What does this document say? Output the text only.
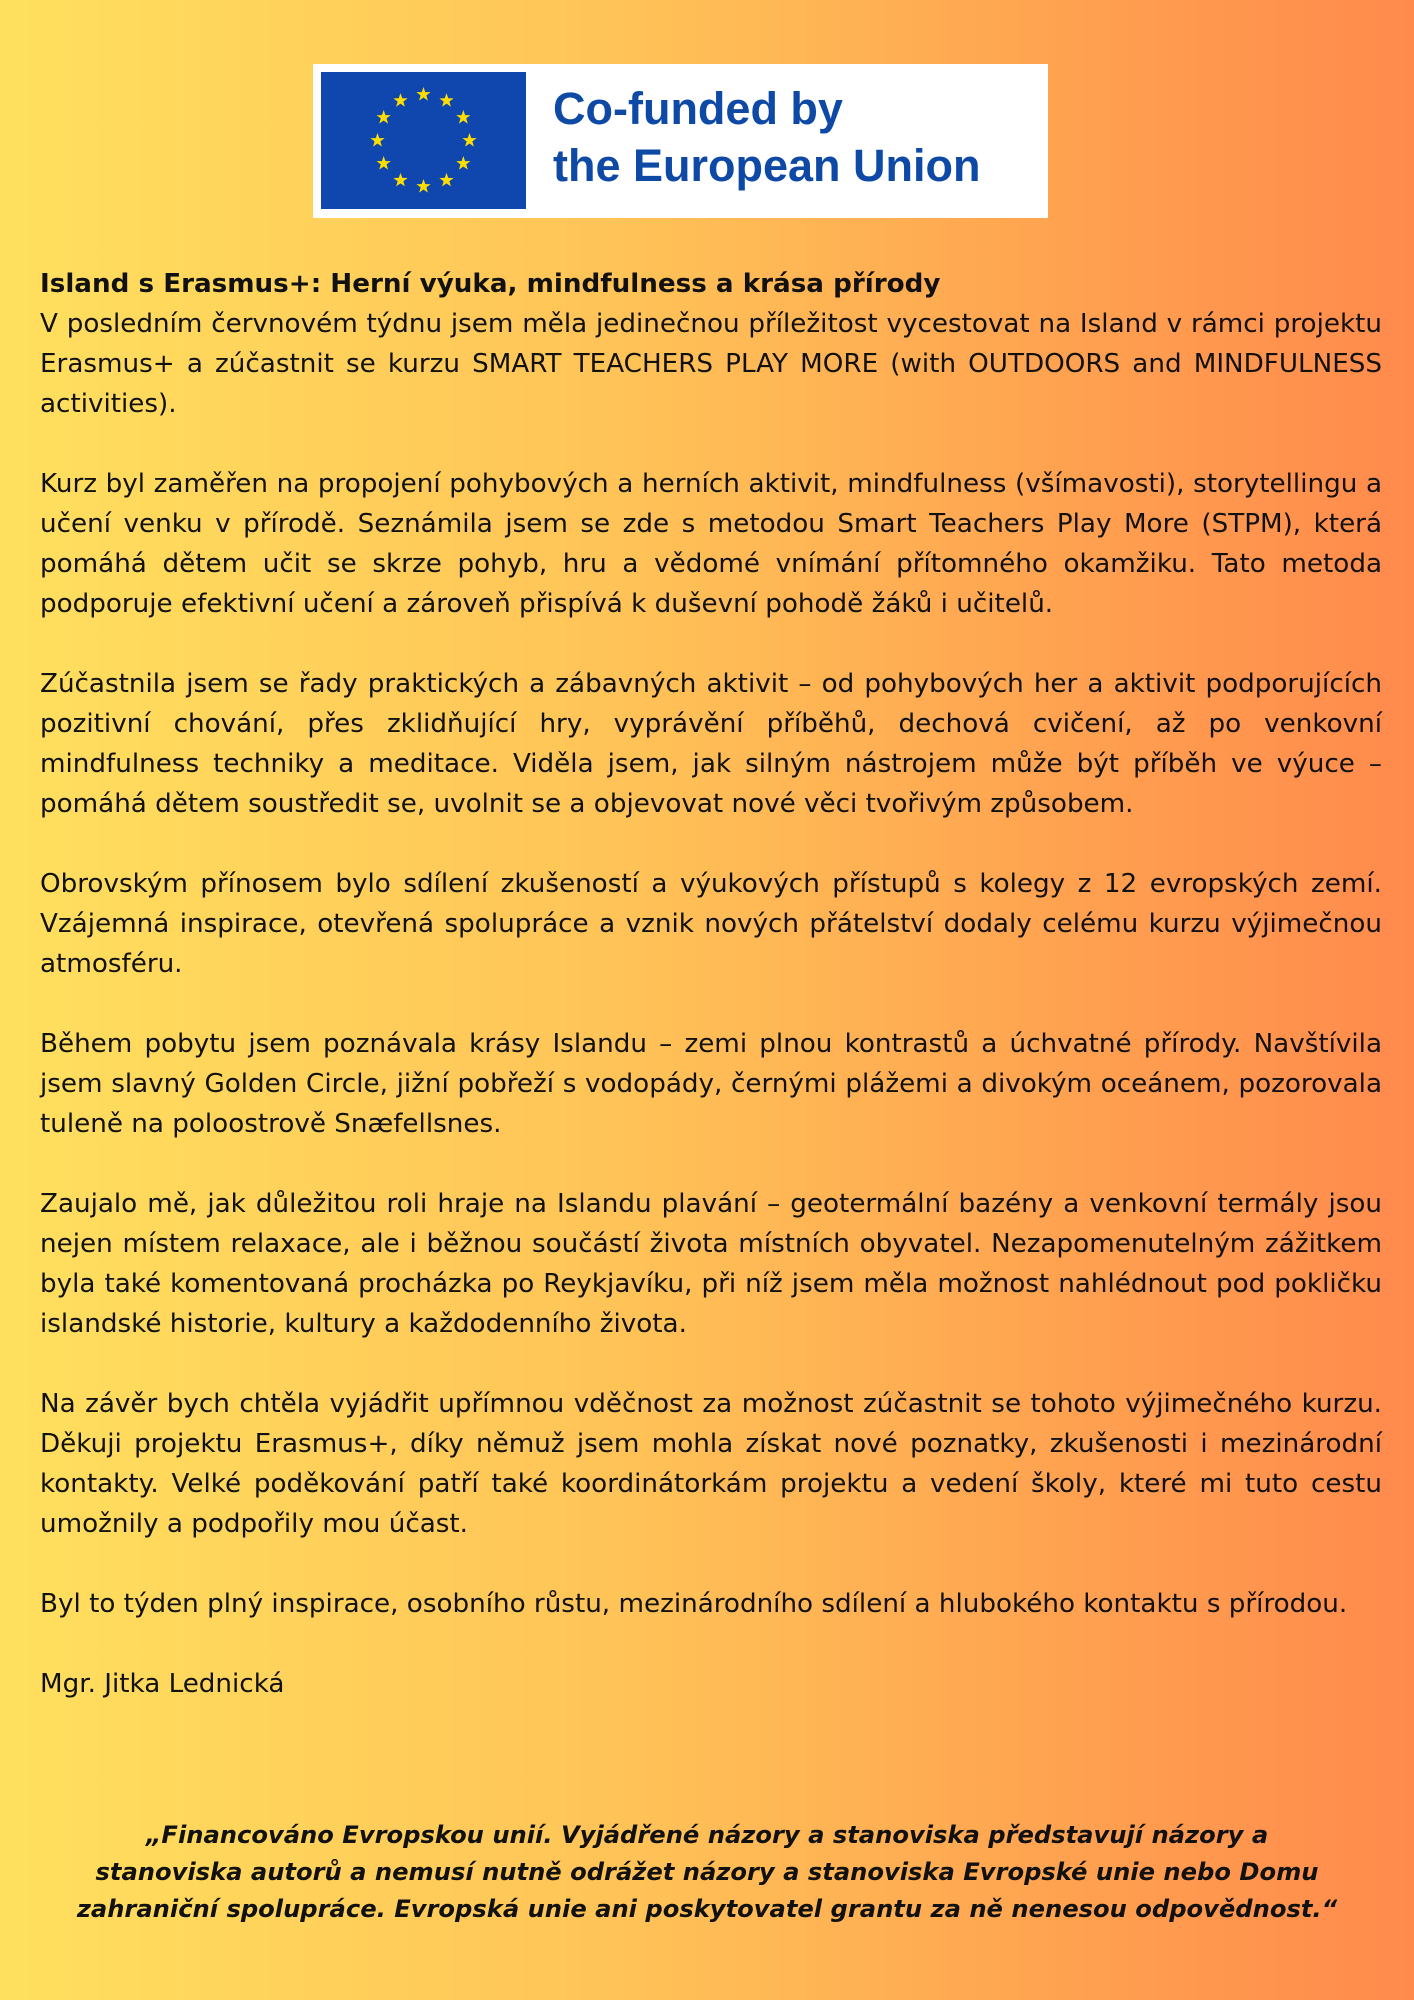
Co-funded by
the European Union
Island s Erasmus+: Herní výuka, mindfulness a krása přírody

V posledním červnovém týdnu jsem měla jedinečnou příležitost vycestovat na Island v rámci projektu Erasmus+ a zúčastnit se kurzu SMART TEACHERS PLAY MORE (with OUTDOORS and MINDFULNESS activities).

Kurz byl zaměřen na propojení pohybových a herních aktivit, mindfulness (všímavosti), storytellingu a učení venku v přírodě. Seznámila jsem se zde s metodou Smart Teachers Play More (STPM), která pomáhá dětem učit se skrze pohyb, hru a vědomé vnímání přítomného okamžiku. Tato metoda podporuje efektivní učení a zároveň přispívá k duševní pohodě žáků i učitelů.

Zúčastnila jsem se řady praktických a zábavných aktivit – od pohybových her a aktivit podporujících pozitivní chování, přes zklidňující hry, vyprávění příběhů, dechová cvičení, až po venkovní mindfulness techniky a meditace. Viděla jsem, jak silným nástrojem může být příběh ve výuce – pomáhá dětem soustředit se, uvolnit se a objevovat nové věci tvořivým způsobem.

Obrovským přínosem bylo sdílení zkušeností a výukových přístupů s kolegy z 12 evropských zemí. Vzájemná inspirace, otevřená spolupráce a vznik nových přátelství dodaly celému kurzu výjimečnou atmosféru.

Během pobytu jsem poznávala krásy Islandu – zemi plnou kontrastů a úchvatné přírody. Navštívila jsem slavný Golden Circle, jižní pobřeží s vodopády, černými plážemi a divokým oceánem, pozorovala tuleně na poloostrově Snæfellsnes.

Zaujalo mě, jak důležitou roli hraje na Islandu plavání – geotermální bazény a venkovní termály jsou nejen místem relaxace, ale i běžnou součástí života místních obyvatel. Nezapomenutelným zážitkem byla také komentovaná procházka po Reykjavíku, při níž jsem měla možnost nahlédnout pod pokličku islandské historie, kultury a každodenního života.

Na závěr bych chtěla vyjádřit upřímnou vděčnost za možnost zúčastnit se tohoto výjimečného kurzu. Děkuji projektu Erasmus+, díky němuž jsem mohla získat nové poznatky, zkušenosti i mezinárodní kontakty. Velké poděkování patří také koordinátorkám projektu a vedení školy, které mi tuto cestu umožnily a podpořily mou účast.

Byl to týden plný inspirace, osobního růstu, mezinárodního sdílení a hlubokého kontaktu s přírodou.

Mgr. Jitka Lednická

„Financováno Evropskou unií. Vyjádřené názory a stanoviska představují názory a stanoviska autorů a nemusí nutně odrážet názory a stanoviska Evropské unie nebo Domu zahraniční spolupráce. Evropská unie ani poskytovatel grantu za ně nenesou odpovědnost.“
